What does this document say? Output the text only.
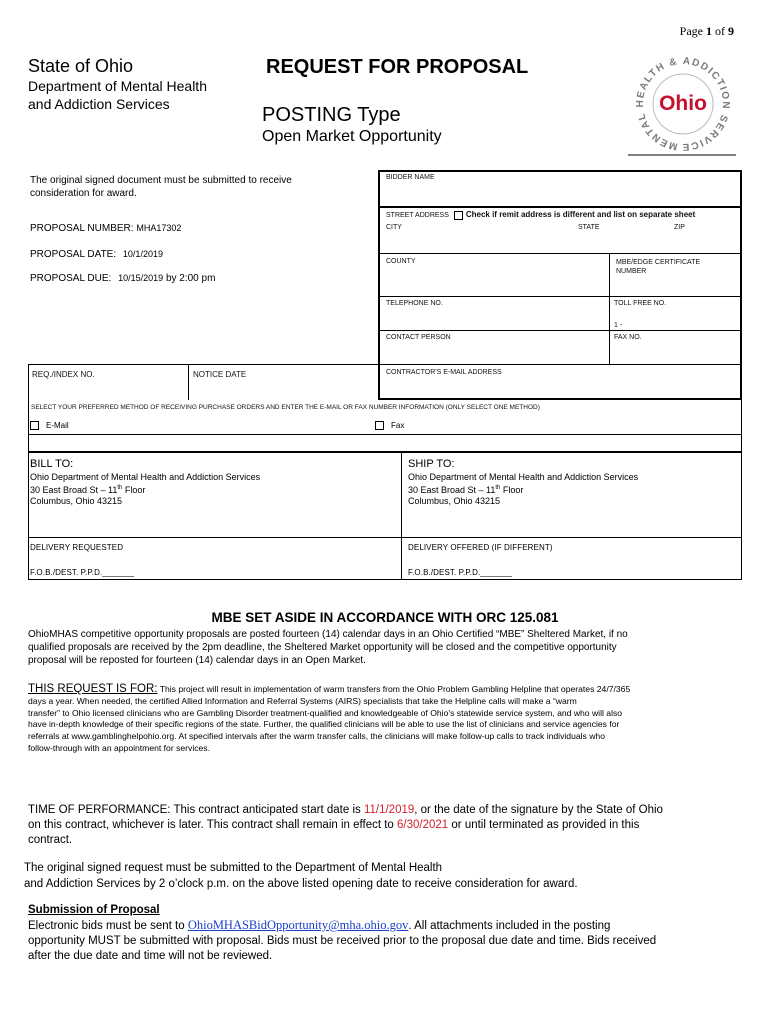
Page 1 of 9
State of Ohio
Department of Mental Health
and Addiction Services
REQUEST FOR PROPOSAL
POSTING Type
Open Market Opportunity
MENTAL HEALTH & ADDICTION SERVICE
Ohio
The original signed document must be submitted to receive
consideration for award.
PROPOSAL NUMBER: MHA17302
PROPOSAL DATE: 10/1/2019
PROPOSAL DUE: 10/15/2019 by 2:00 pm
BIDDER NAME
STREET ADDRESS Check if remit address is different and list on separate sheet
CITY	STATE	ZIP
COUNTY	MBE/EDGE CERTIFICATE
NUMBER
TELEPHONE NO.	TOLL FREE NO.
1 -
CONTACT PERSON	FAX NO.
CONTRACTOR'S E-MAIL ADDRESS
REQ./INDEX NO.	NOTICE DATE
SELECT YOUR PREFERRED METHOD OF RECEIVING PURCHASE ORDERS AND ENTER THE E-MAIL OR FAX NUMBER INFORMATION (ONLY SELECT ONE METHOD)
E-Mail	Fax
BILL TO:
Ohio Department of Mental Health and Addiction Services
30 East Broad St – 11th Floor
Columbus, Ohio 43215
SHIP TO:
Ohio Department of Mental Health and Addiction Services
30 East Broad St – 11th Floor
Columbus, Ohio 43215
DELIVERY REQUESTED	DELIVERY OFFERED (IF DIFFERENT)
F.O.B./DEST. P.P.D._______	F.O.B./DEST. P.P.D._______
MBE SET ASIDE IN ACCORDANCE WITH ORC 125.081
OhioMHAS competitive opportunity proposals are posted fourteen (14) calendar days in an Ohio Certified “MBE” Sheltered Market, if no
qualified proposals are received by the 2pm deadline, the Sheltered Market opportunity will be closed and the competitive opportunity
proposal will be reposted for fourteen (14) calendar days in an Open Market.
THIS REQUEST IS FOR: This project will result in implementation of warm transfers from the Ohio Problem Gambling Helpline that operates 24/7/365
days a year. When needed, the certified Allied Information and Referral Systems (AIRS) specialists that take the Helpline calls will make a “warm
transfer” to Ohio licensed clinicians who are Gambling Disorder treatment-qualified and knowledgeable of Ohio’s statewide service system, and who will also
have in-depth knowledge of their specific regions of the state. Further, the qualified clinicians will be able to use the list of clinicians and service agencies for
referrals at www.gamblinghelpohio.org. At specified intervals after the warm transfer calls, the clinicians will make follow-up calls to track individuals who
follow-through with an appointment for services.
TIME OF PERFORMANCE: This contract anticipated start date is 11/1/2019, or the date of the signature by the State of Ohio
on this contract, whichever is later. This contract shall remain in effect to 6/30/2021 or until terminated as provided in this
contract.
The original signed request must be submitted to the Department of Mental Health
and Addiction Services by 2 o’clock p.m. on the above listed opening date to receive consideration for award.
Submission of Proposal
Electronic bids must be sent to OhioMHASBidOpportunity@mha.ohio.gov. All attachments included in the posting
opportunity MUST be submitted with proposal. Bids must be received prior to the proposal due date and time. Bids received
after the due date and time will not be reviewed.
